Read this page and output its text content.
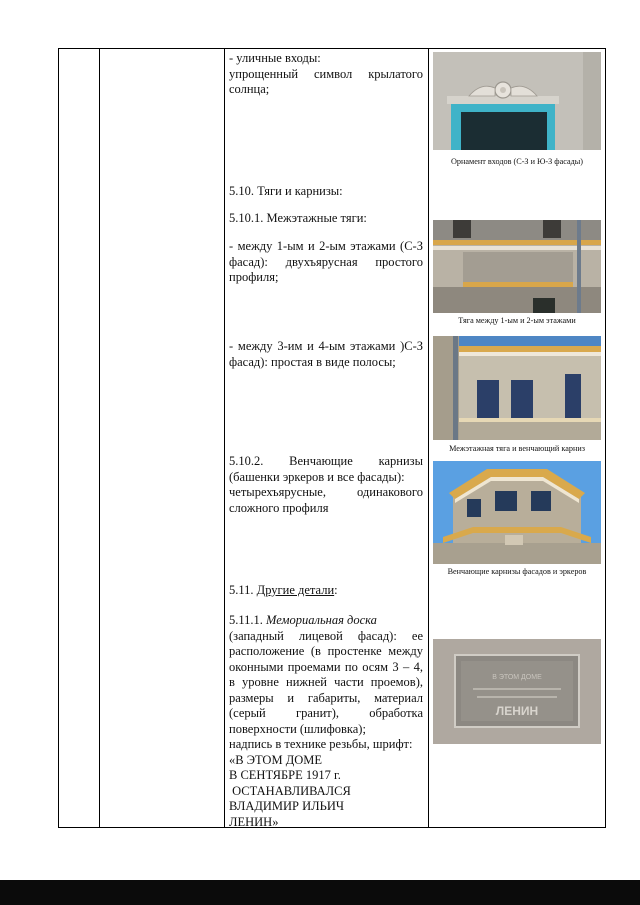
- уличные входы:
упрощенный символ крылатого солнца;
Орнамент входов (С-З и Ю-З фасады)
5.10. Тяги и карнизы:
5.10.1. Межэтажные тяги:
- между 1-ым и 2-ым этажами (С-З фасад): двухъярусная простого профиля;
Тяга между 1-ым и 2-ым этажами
- между 3-им и 4-ым этажами )С-З фасад): простая в виде полосы;
Межэтажная тяга и венчающий карниз
5.10.2. Венчающие карнизы
(башенки эркеров и все фасады):
четырехъярусные, одинакового
сложного профиля
Венчающие карнизы фасадов и эркеров
5.11. Другие детали:
5.11.1. Мемориальная доска
(западный лицевой фасад): ее расположение (в простенке между оконными проемами по осям 3 – 4, в уровне нижней части проемов), размеры и габариты, материал (серый гранит), обработка поверхности (шлифовка);
надпись в технике резьбы, шрифт:
«В ЭТОМ ДОМЕ
В СЕНТЯБРЕ 1917 г.
ОСТАНАВЛИВАЛСЯ
ВЛАДИМИР ИЛЬИЧ
ЛЕНИН»
В ЭТОМ ДОМЕ
ЛЕНИН
